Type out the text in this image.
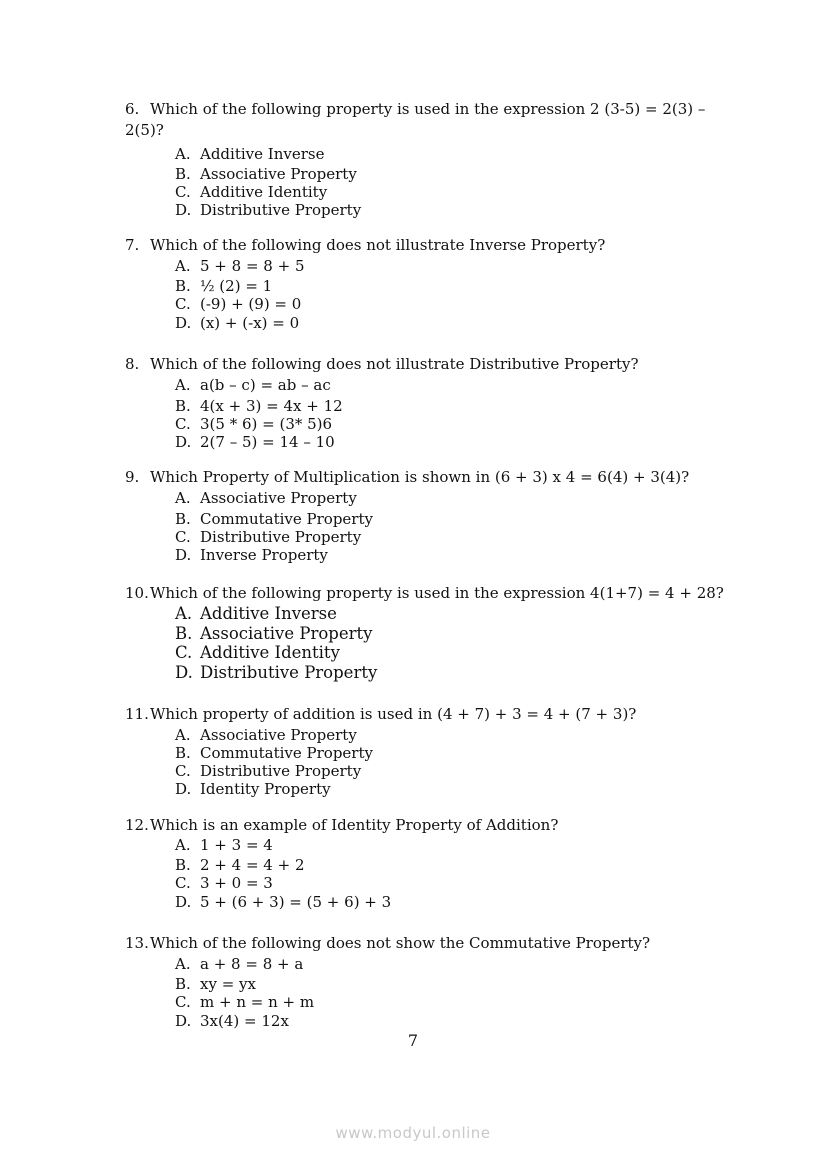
6. Which of the following property is used in the expression 2 (3-5) = 2(3) –
2(5)?
A. Additive Inverse
B. Associative Property
C. Additive Identity
D. Distributive Property
7. Which of the following does not illustrate Inverse Property?
A. 5 + 8 = 8 + 5
B. ½ (2) = 1
C. (-9) + (9) = 0
D. (x) + (-x) = 0
8. Which of the following does not illustrate Distributive Property?
A. a(b – c) = ab – ac
B. 4(x + 3) = 4x + 12
C. 3(5 * 6) = (3* 5)6
D. 2(7 – 5) = 14 – 10
9. Which Property of Multiplication is shown in (6 + 3) x 4 = 6(4) + 3(4)?
A. Associative Property
B. Commutative Property
C. Distributive Property
D. Inverse Property
10. Which of the following property is used in the expression 4(1+7) = 4 + 28?
A. Additive Inverse
B. Associative Property
C. Additive Identity
D. Distributive Property
11. Which property of addition is used in (4 + 7) + 3 = 4 + (7 + 3)?
A. Associative Property
B. Commutative Property
C. Distributive Property
D. Identity Property
12. Which is an example of Identity Property of Addition?
A. 1 + 3 = 4
B. 2 + 4 = 4 + 2
C. 3 + 0 = 3
D. 5 + (6 + 3) = (5 + 6) + 3
13. Which of the following does not show the Commutative Property?
A. a + 8 = 8 + a
B. xy = yx
C. m + n = n + m
D. 3x(4) = 12x
7
www.modyul.online
